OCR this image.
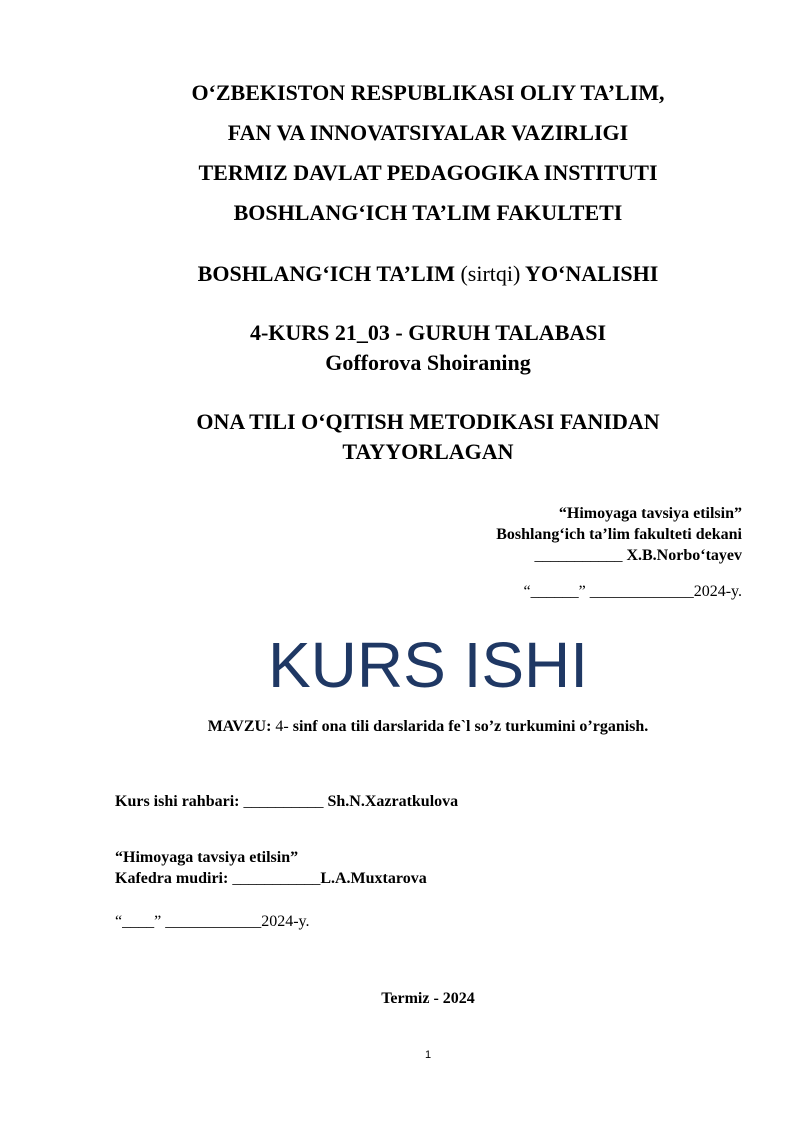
O‘ZBEKISTON RESPUBLIKASI OLIY TA’LIM,
FAN VA INNOVATSIYALAR VAZIRLIGI
TERMIZ DAVLAT PEDAGOGIKA INSTITUTI
BOSHLANG‘ICH TA’LIM FAKULTETI
BOSHLANG‘ICH TA’LIM (sirtqi) YO‘NALISHI
4-KURS 21_03 - GURUH TALABASI
Gofforova Shoiraning
ONA TILI O‘QITISH METODIKASI FANIDAN
TAYYORLAGAN
“Himoyaga tavsiya etilsin”
Boshlang‘ich ta’lim fakulteti dekani
___________ X.B.Norbo‘tayev
“______” _____________2024-y.
KURS ISHI
MAVZU: 4- sinf ona tili darslarida fe`l so’z turkumini o’rganish.
Kurs ishi rahbari: __________ Sh.N.Xazratkulova
“Himoyaga tavsiya etilsin”
Kafedra mudiri: ___________L.A.Muxtarova
“____” ____________2024-y.
Termiz - 2024
1
